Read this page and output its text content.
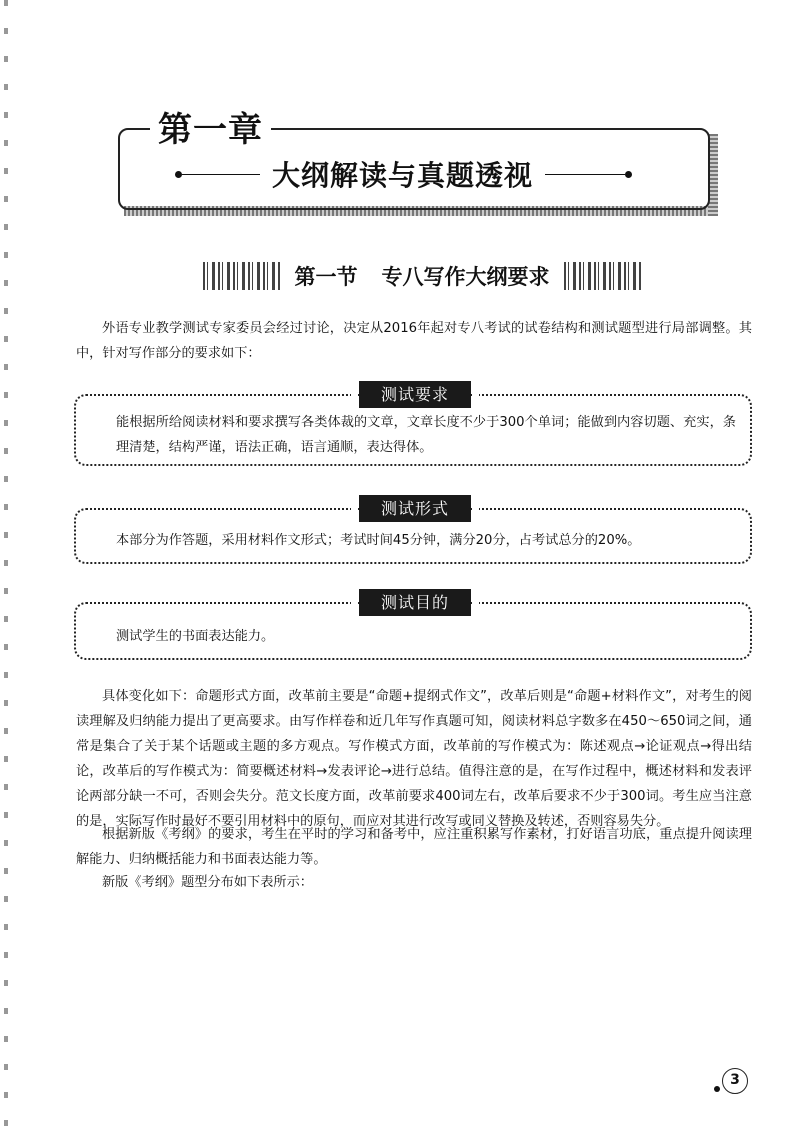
第一章
大纲解读与真题透视
第一节 专八写作大纲要求

外语专业教学测试专家委员会经过讨论，决定从2016年起对专八考试的试卷结构和测试题型进行局部调整。其中，针对写作部分的要求如下：

测试要求

能根据所给阅读材料和要求撰写各类体裁的文章，文章长度不少于300个单词；能做到内容切题、充实，条理清楚，结构严谨，语法正确，语言通顺，表达得体。

测试形式

本部分为作答题，采用材料作文形式；考试时间45分钟，满分20分，占考试总分的20%。

测试目的

测试学生的书面表达能力。

具体变化如下：命题形式方面，改革前主要是“命题+提纲式作文”，改革后则是“命题+材料作文”，对考生的阅读理解及归纳能力提出了更高要求。由写作样卷和近几年写作真题可知，阅读材料总字数多在450～650词之间，通常是集合了关于某个话题或主题的多方观点。写作模式方面，改革前的写作模式为：陈述观点→论证观点→得出结论，改革后的写作模式为：简要概述材料→发表评论→进行总结。值得注意的是，在写作过程中，概述材料和发表评论两部分缺一不可，否则会失分。范文长度方面，改革前要求400词左右，改革后要求不少于300词。考生应当注意的是，实际写作时最好不要引用材料中的原句，而应对其进行改写或同义替换及转述，否则容易失分。

根据新版《考纲》的要求，考生在平时的学习和备考中，应注重积累写作素材，打好语言功底，重点提升阅读理解能力、归纳概括能力和书面表达能力等。

新版《考纲》题型分布如下表所示：

3
